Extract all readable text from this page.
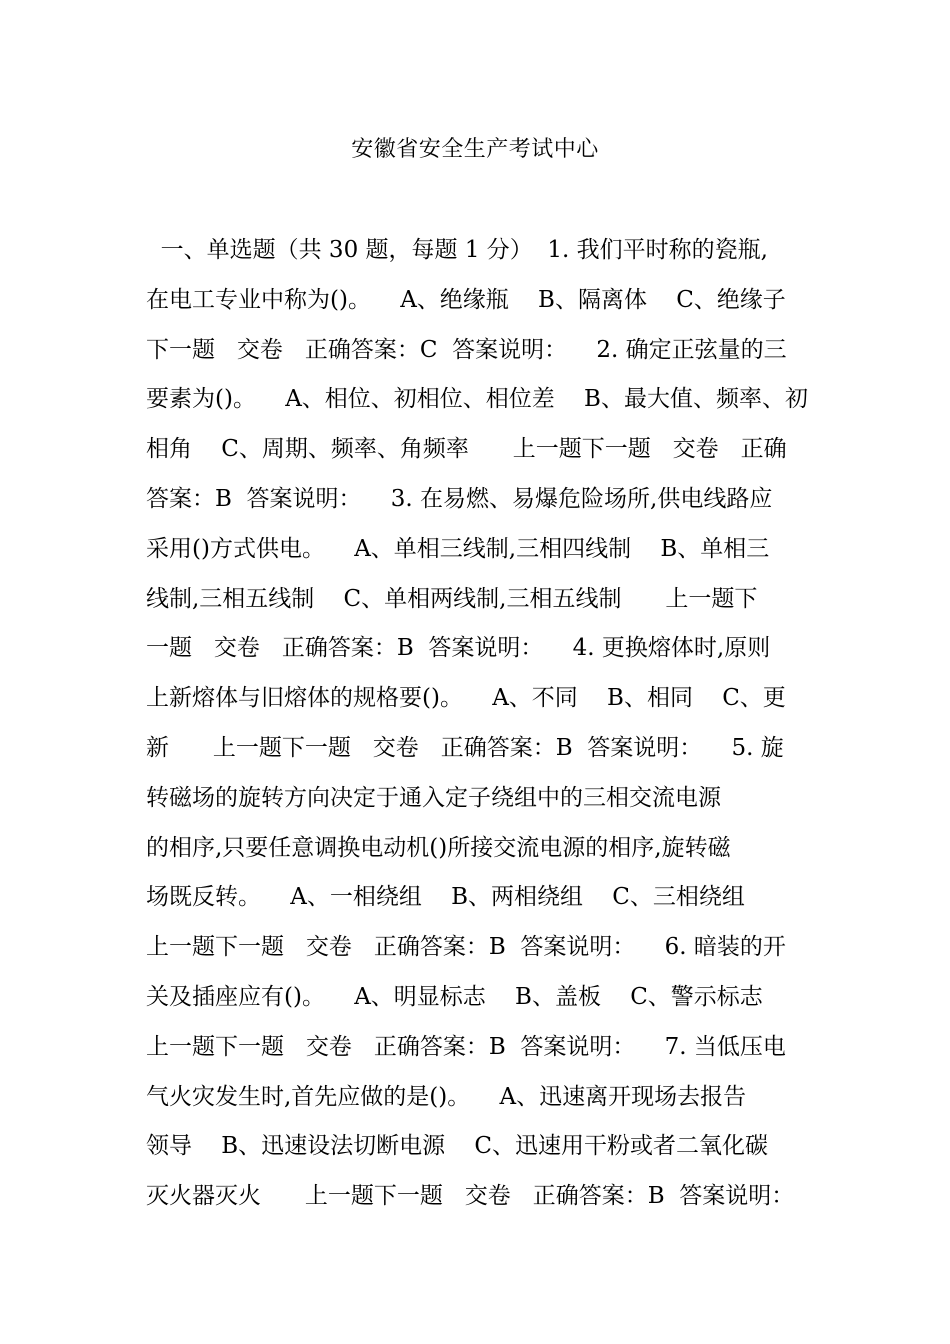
安徽省安全生产考试中心
一、单选题（共 30 题，每题 1 分）  1. 我们平时称的瓷瓶,
在电工专业中称为()。    A、绝缘瓶    B、隔离体    C、绝缘子
下一题   交卷   正确答案：C  答案说明：    2. 确定正弦量的三
要素为()。    A、相位、初相位、相位差    B、最大值、频率、初
相角    C、周期、频率、角频率      上一题下一题   交卷   正确
答案：B  答案说明：    3. 在易燃、易爆危险场所,供电线路应
采用()方式供电。    A、单相三线制,三相四线制    B、单相三
线制,三相五线制    C、单相两线制,三相五线制      上一题下
一题   交卷   正确答案：B  答案说明：    4. 更换熔体时,原则
上新熔体与旧熔体的规格要()。    A、不同    B、相同    C、更
新      上一题下一题   交卷   正确答案：B  答案说明：    5. 旋
转磁场的旋转方向决定于通入定子绕组中的三相交流电源
的相序,只要任意调换电动机()所接交流电源的相序,旋转磁
场既反转。    A、一相绕组    B、两相绕组    C、三相绕组
上一题下一题   交卷   正确答案：B  答案说明：    6. 暗装的开
关及插座应有()。    A、明显标志    B、盖板    C、警示标志
上一题下一题   交卷   正确答案：B  答案说明：    7. 当低压电
气火灾发生时,首先应做的是()。    A、迅速离开现场去报告
领导    B、迅速设法切断电源    C、迅速用干粉或者二氧化碳
灭火器灭火      上一题下一题   交卷   正确答案：B  答案说明：
